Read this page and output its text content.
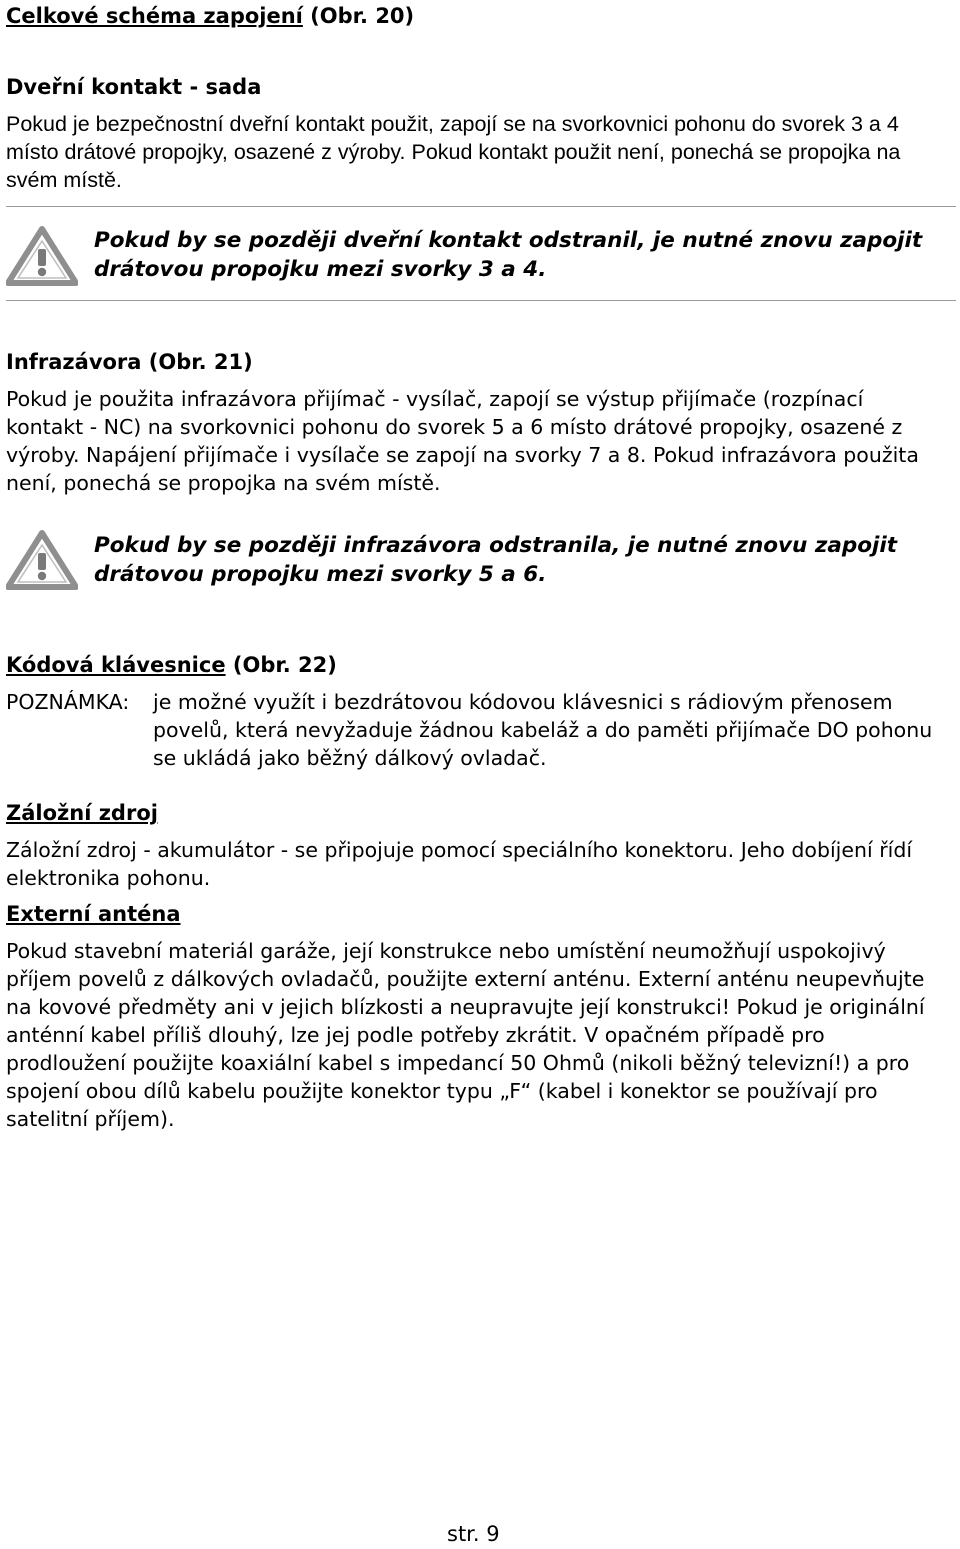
Celkové schéma zapojení (Obr. 20)
Dveřní kontakt - sada

Pokud je bezpečnostní dveřní kontakt použit, zapojí se na svorkovnici pohonu do svorek 3 a 4 místo drátové propojky, osazené z výroby. Pokud kontakt použit není, ponechá se propojka na svém místě.

Pokud by se později dveřní kontakt odstranil, je nutné znovu zapojit drátovou propojku mezi svorky 3 a 4.

Infrazávora (Obr. 21)

Pokud je použita infrazávora přijímač - vysílač, zapojí se výstup přijímače (rozpínací kontakt - NC) na svorkovnici pohonu do svorek 5 a 6 místo drátové propojky, osazené z výroby. Napájení přijímače i vysílače se zapojí na svorky 7 a 8. Pokud infrazávora použita není, ponechá se propojka na svém místě.

Pokud by se později infrazávora odstranila, je nutné znovu zapojit drátovou propojku mezi svorky 5 a 6.

Kódová klávesnice (Obr. 22)
POZNÁMKA: je možné využít i bezdrátovou kódovou klávesnici s rádiovým přenosem povelů, která nevyžaduje žádnou kabeláž a do paměti přijímače DO pohonu se ukládá jako běžný dálkový ovladač.
Záložní zdroj

Záložní zdroj - akumulátor - se připojuje pomocí speciálního konektoru. Jeho dobíjení řídí elektronika pohonu.

Externí anténa

Pokud stavební materiál garáže, její konstrukce nebo umístění neumožňují uspokojivý příjem povelů z dálkových ovladačů, použijte externí anténu. Externí anténu neupevňujte na kovové předměty ani v jejich blízkosti a neupravujte její konstrukci! Pokud je originální anténní kabel příliš dlouhý, lze jej podle potřeby zkrátit. V opačném případě pro prodloužení použijte koaxiální kabel s impedancí 50 Ohmů (nikoli běžný televizní!) a pro spojení obou dílů kabelu použijte konektor typu „F“ (kabel i konektor se používají pro satelitní příjem).

str. 9
